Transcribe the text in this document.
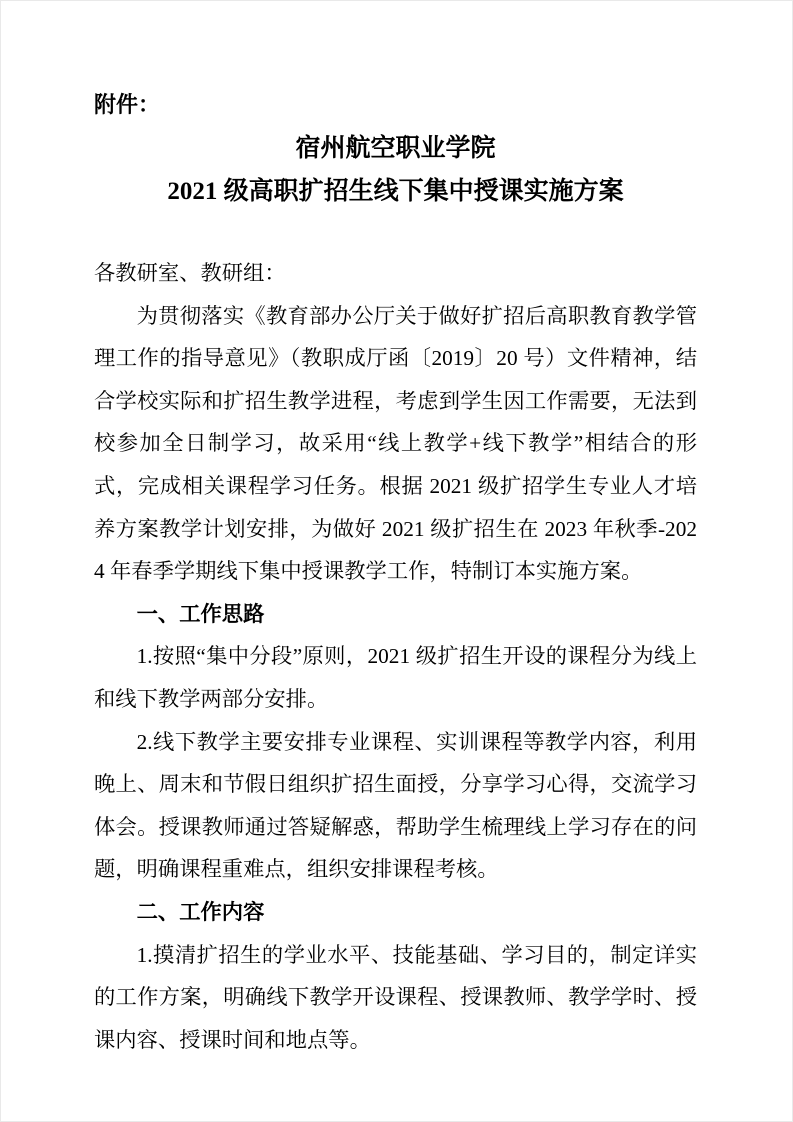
附件：
宿州航空职业学院
2021 级高职扩招生线下集中授课实施方案

各教研室、教研组：

为贯彻落实《教育部办公厅关于做好扩招后高职教育教学管理工作的指导意见》（教职成厅函〔2019〕20 号）文件精神，结合学校实际和扩招生教学进程，考虑到学生因工作需要，无法到校参加全日制学习，故采用“线上教学+线下教学”相结合的形式，完成相关课程学习任务。根据 2021 级扩招学生专业人才培养方案教学计划安排，为做好 2021 级扩招生在 2023 年秋季-2024 年春季学期线下集中授课教学工作，特制订本实施方案。

一、工作思路

1.按照“集中分段”原则，2021 级扩招生开设的课程分为线上和线下教学两部分安排。

2.线下教学主要安排专业课程、实训课程等教学内容，利用晚上、周末和节假日组织扩招生面授，分享学习心得，交流学习体会。授课教师通过答疑解惑，帮助学生梳理线上学习存在的问题，明确课程重难点，组织安排课程考核。

二、工作内容

1.摸清扩招生的学业水平、技能基础、学习目的，制定详实的工作方案，明确线下教学开设课程、授课教师、教学学时、授课内容、授课时间和地点等。
